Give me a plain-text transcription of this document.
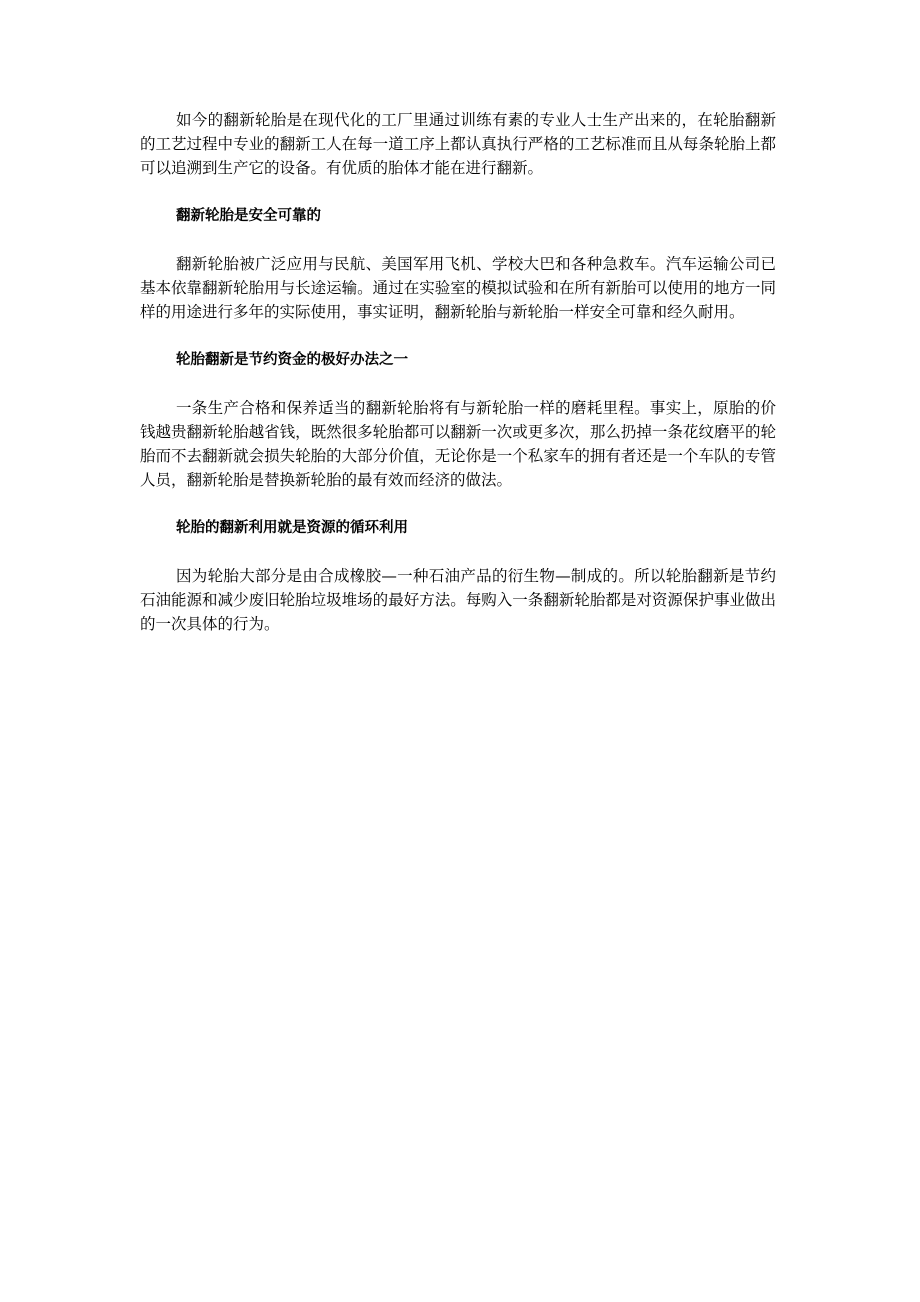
如今的翻新轮胎是在现代化的工厂里通过训练有素的专业人士生产出来的，在轮胎翻新的工艺过程中专业的翻新工人在每一道工序上都认真执行严格的工艺标准而且从每条轮胎上都可以追溯到生产它的设备。有优质的胎体才能在进行翻新。

翻新轮胎是安全可靠的

翻新轮胎被广泛应用与民航、美国军用飞机、学校大巴和各种急救车。汽车运输公司已基本依靠翻新轮胎用与长途运输。通过在实验室的模拟试验和在所有新胎可以使用的地方一同样的用途进行多年的实际使用，事实证明，翻新轮胎与新轮胎一样安全可靠和经久耐用。

轮胎翻新是节约资金的极好办法之一

一条生产合格和保养适当的翻新轮胎将有与新轮胎一样的磨耗里程。事实上，原胎的价钱越贵翻新轮胎越省钱，既然很多轮胎都可以翻新一次或更多次，那么扔掉一条花纹磨平的轮胎而不去翻新就会损失轮胎的大部分价值，无论你是一个私家车的拥有者还是一个车队的专管人员，翻新轮胎是替换新轮胎的最有效而经济的做法。

轮胎的翻新利用就是资源的循环利用

因为轮胎大部分是由合成橡胶—一种石油产品的衍生物—制成的。所以轮胎翻新是节约石油能源和减少废旧轮胎垃圾堆场的最好方法。每购入一条翻新轮胎都是对资源保护事业做出的一次具体的行为。
